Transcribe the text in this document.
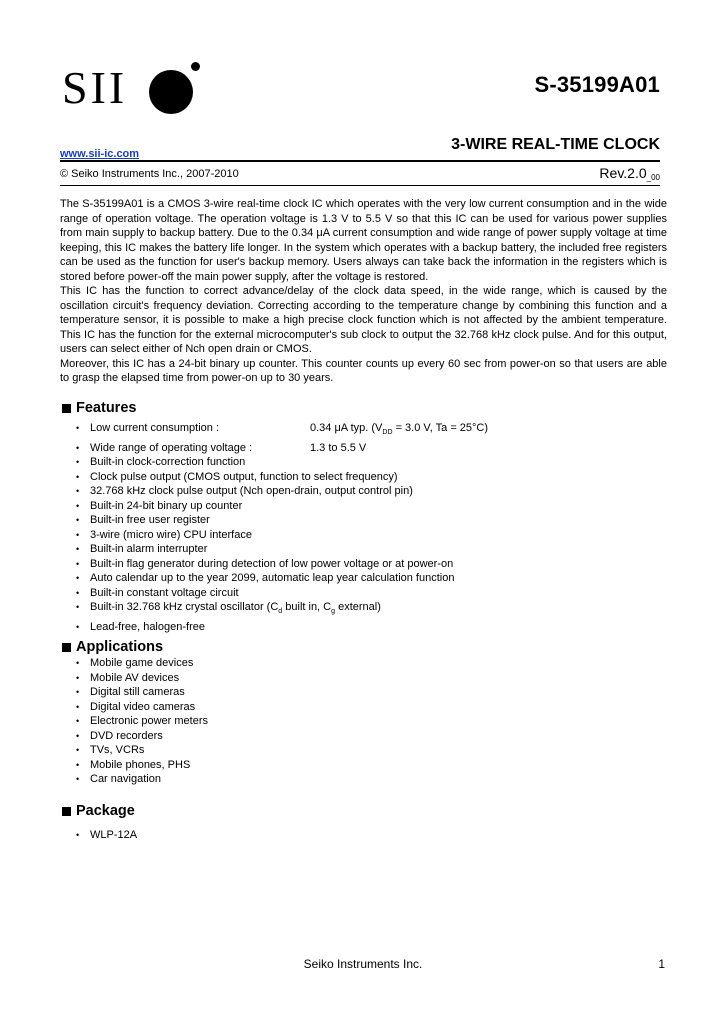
SII	S-35199A01
3-WIRE REAL-TIME CLOCK
www.sii-ic.com
© Seiko Instruments Inc., 2007-2010	$Rev.2.0_{\_00}$

The S-35199A01 is a CMOS 3-wire real-time clock IC which operates with the very low current consumption and in the wide range of operation voltage. The operation voltage is 1.3 V to 5.5 V so that this IC can be used for various power supplies from main supply to backup battery. Due to the 0.34 μA current consumption and wide range of power supply voltage at time keeping, this IC makes the battery life longer. In the system which operates with a backup battery, the included free registers can be used as the function for user's backup memory. Users always can take back the information in the registers which is stored before power-off the main power supply, after the voltage is restored.

This IC has the function to correct advance/delay of the clock data speed, in the wide range, which is caused by the oscillation circuit's frequency deviation. Correcting according to the temperature change by combining this function and a temperature sensor, it is possible to make a high precise clock function which is not affected by the ambient temperature. This IC has the function for the external microcomputer's sub clock to output the 32.768 kHz clock pulse. And for this output, users can select either of Nch open drain or CMOS.

Moreover, this IC has a 24-bit binary up counter. This counter counts up every 60 sec from power-on so that users are able to grasp the elapsed time from power-on up to 30 years.

Features
• Low current consumption :	0.34 μA typ. ($V_{DD} = 3.0$ V, Ta = 25°C)
• Wide range of operating voltage :	1.3 to 5.5 V
• Built-in clock-correction function
• Clock pulse output (CMOS output, function to select frequency)
• 32.768 kHz clock pulse output (Nch open-drain, output control pin)
• Built-in 24-bit binary up counter
• Built-in free user register
• 3-wire (micro wire) CPU interface
• Built-in alarm interrupter
• Built-in flag generator during detection of low power voltage or at power-on
• Auto calendar up to the year 2099, automatic leap year calculation function
• Built-in constant voltage circuit
• Built-in 32.768 kHz crystal oscillator ($C_d$ built in, $C_g$ external)
• Lead-free, halogen-free
Applications
• Mobile game devices
• Mobile AV devices
• Digital still cameras
• Digital video cameras
• Electronic power meters
• DVD recorders
• TVs, VCRs
• Mobile phones, PHS
• Car navigation
Package
• WLP-12A
Seiko Instruments Inc.	1
